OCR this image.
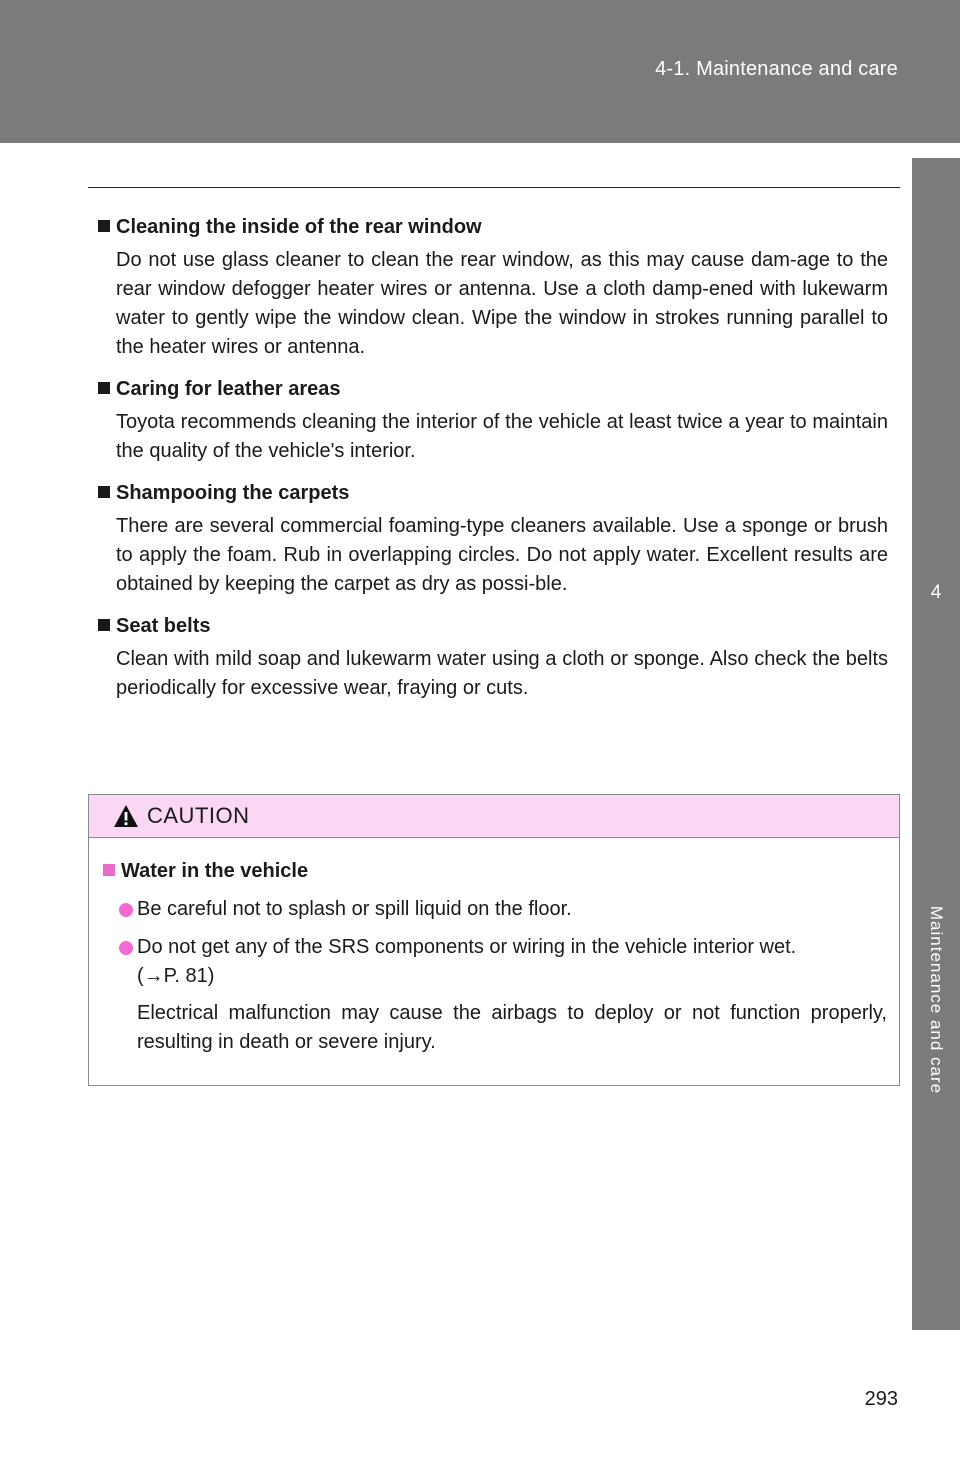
4-1. Maintenance and care
4
Maintenance and care
Cleaning the inside of the rear window

Do not use glass cleaner to clean the rear window, as this may cause dam-age to the rear window defogger heater wires or antenna. Use a cloth damp-ened with lukewarm water to gently wipe the window clean. Wipe the window in strokes running parallel to the heater wires or antenna.

Caring for leather areas

Toyota recommends cleaning the interior of the vehicle at least twice a year to maintain the quality of the vehicle's interior.

Shampooing the carpets

There are several commercial foaming-type cleaners available. Use a sponge or brush to apply the foam. Rub in overlapping circles. Do not apply water. Excellent results are obtained by keeping the carpet as dry as possi-ble.

Seat belts

Clean with mild soap and lukewarm water using a cloth or sponge. Also check the belts periodically for excessive wear, fraying or cuts.

CAUTION
Water in the vehicle
Be careful not to splash or spill liquid on the floor.
Do not get any of the SRS components or wiring in the vehicle interior wet.
(→P. 81)
Electrical malfunction may cause the airbags to deploy or not function properly, resulting in death or severe injury.
293
